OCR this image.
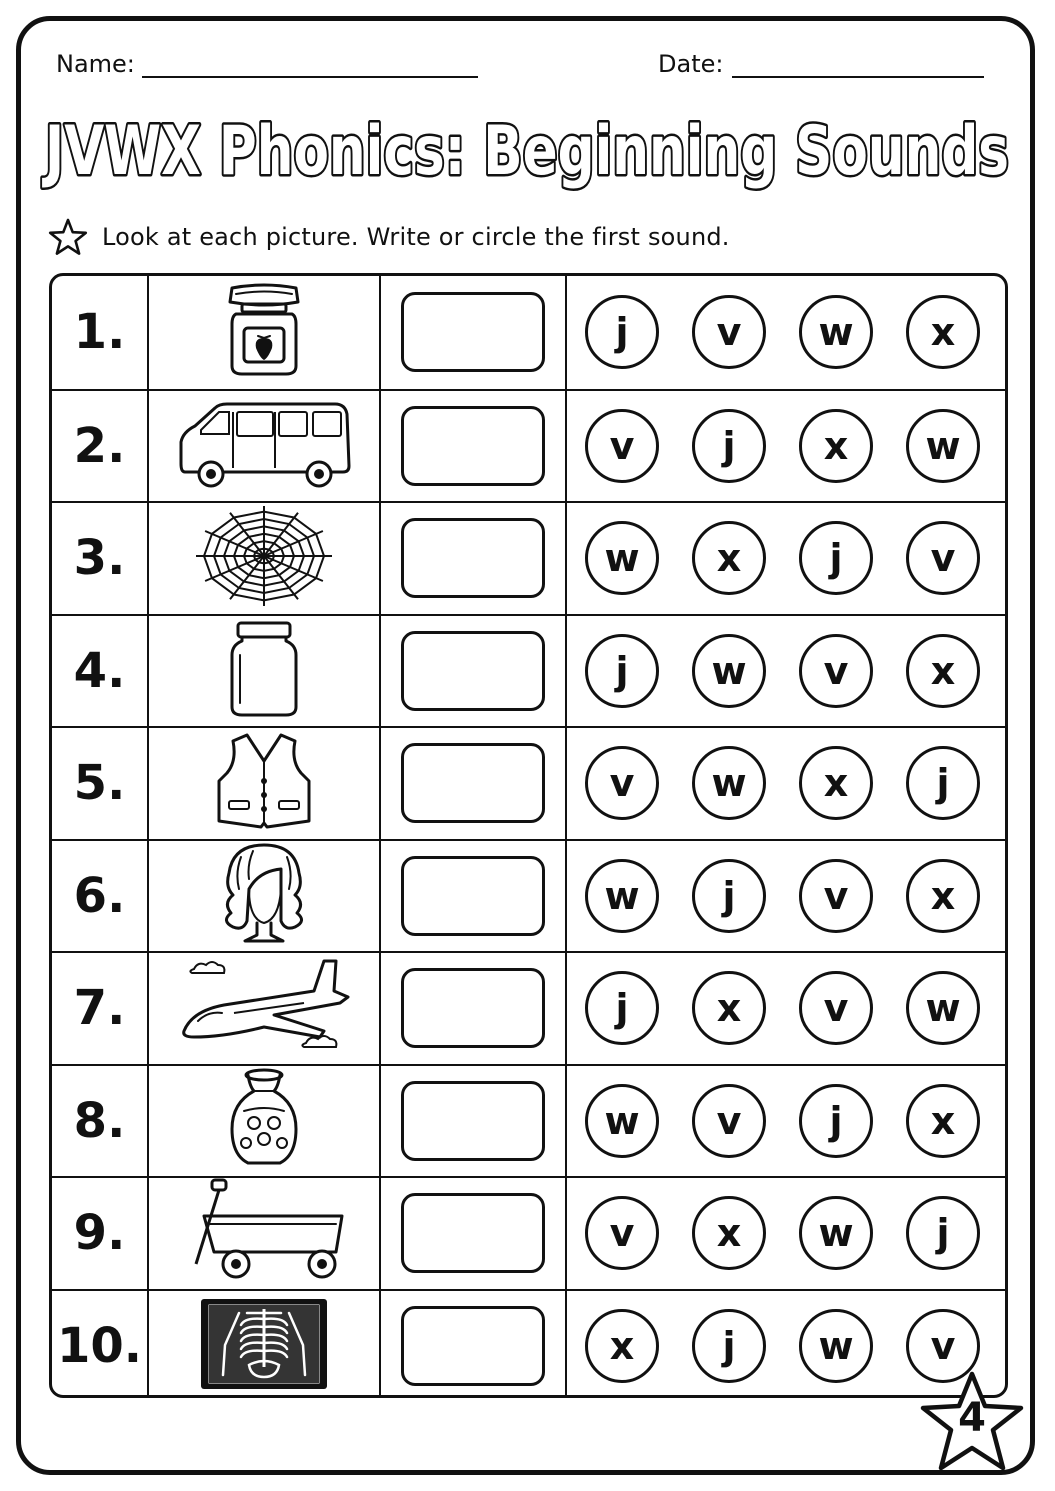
Name:	Date:
JVWX Phonics: Beginning Sounds
Look at each picture. Write or circle the first sound.
1.	j	v	w	x
2.	v	j	x	w
3.	w	x	j	v
4.	j	w	v	x
5.	v	w	x	j
6.	w	j	v	x
7.	j	x	v	w
8.	w	v	j	x
9.	v	x	w	j
10.	x	j	w	v
4
